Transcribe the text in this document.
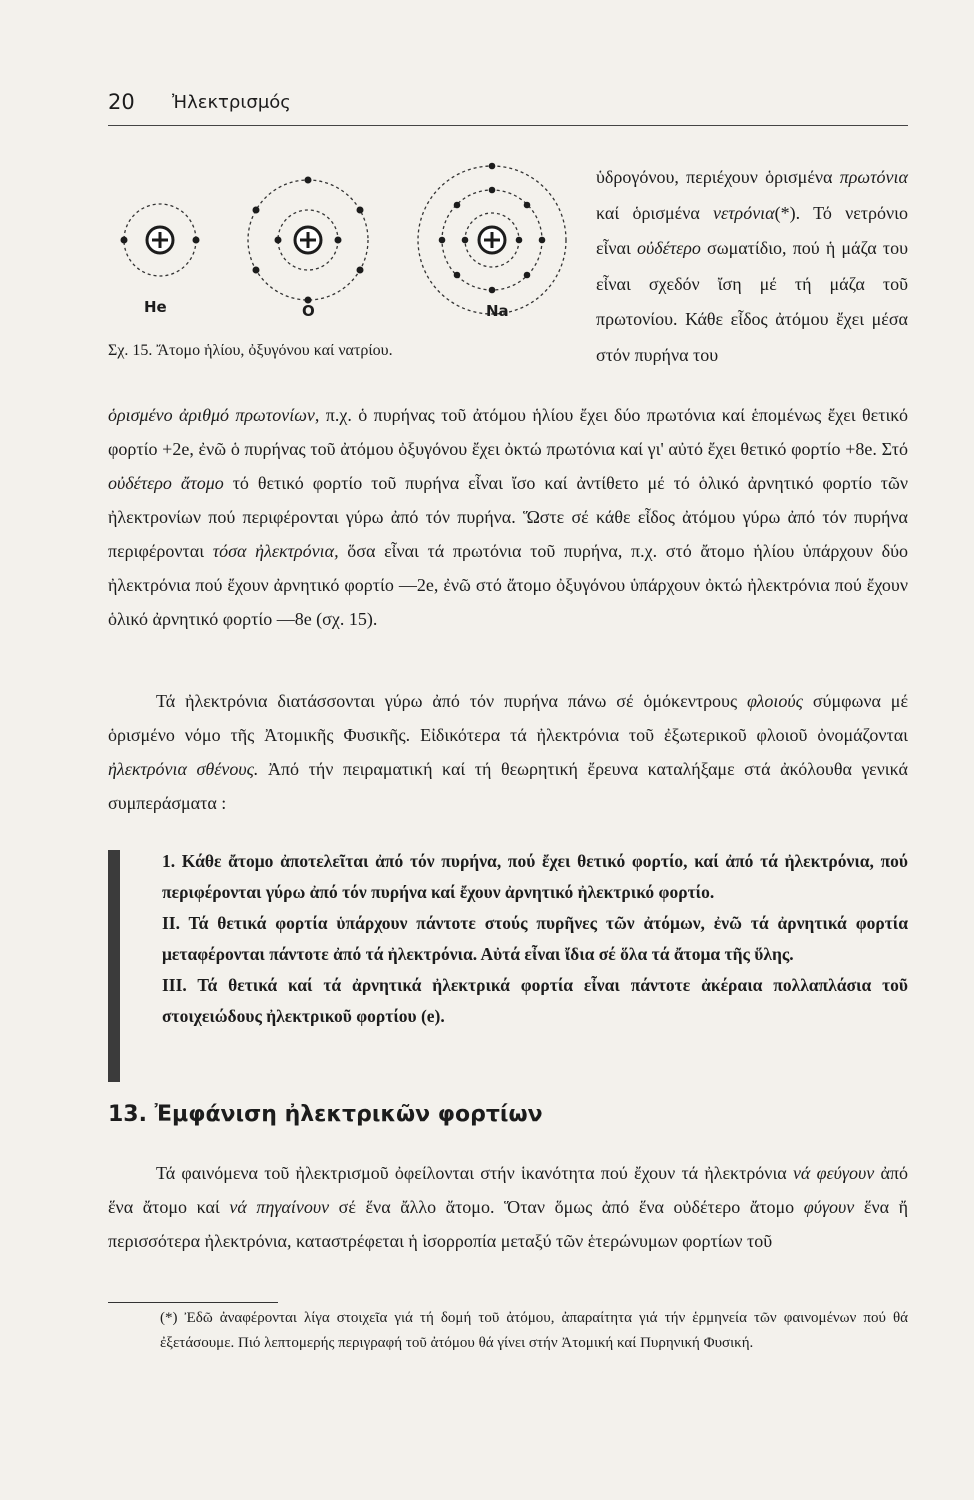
20 Ἠλεκτρισμός
He	O	Na
Σχ. 15. Ἄτομο ἡλίου, ὀξυγόνου καί νατρίου.
ὑδρογόνου, περιέχουν ὁρισμένα πρωτόνια καί ὁρισμένα νετρόνια(*). Τό νετρόνιο εἶναι οὐδέτερο σωματίδιο, πού ἡ μάζα του εἶναι σχεδόν ἴση μέ τή μάζα τοῦ πρωτονίου. Κάθε εἶδος ἀτόμου ἔχει μέσα στόν πυρήνα του
ὁρισμένο ἀριθμό πρωτονίων, π.χ. ὁ πυρήνας τοῦ ἀτόμου ἡλίου ἔχει δύο πρωτόνια καί ἑπομένως ἔχει θετικό φορτίο +2e, ἐνῶ ὁ πυρήνας τοῦ ἀτόμου ὀξυγόνου ἔχει ὀκτώ πρωτόνια καί γι' αὐτό ἔχει θετικό φορτίο +8e. Στό οὐδέτερο ἄτομο τό θετικό φορτίο τοῦ πυρήνα εἶναι ἴσο καί ἀντίθετο μέ τό ὁλικό ἀρνητικό φορτίο τῶν ἠλεκτρονίων πού περιφέρονται γύρω ἀπό τόν πυρήνα. Ὥστε σέ κάθε εἶδος ἀτόμου γύρω ἀπό τόν πυρήνα περιφέρονται τόσα ἠλεκτρόνια, ὅσα εἶναι τά πρωτόνια τοῦ πυρήνα, π.χ. στό ἄτομο ἡλίου ὑπάρχουν δύο ἠλεκτρόνια πού ἔχουν ἀρνητικό φορτίο —2e, ἐνῶ στό ἄτομο ὀξυγόνου ὑπάρχουν ὀκτώ ἠλεκτρόνια πού ἔχουν ὁλικό ἀρνητικό φορτίο —8e (σχ. 15).
Τά ἠλεκτρόνια διατάσσονται γύρω ἀπό τόν πυρήνα πάνω σέ ὁμόκεντρους φλοιούς σύμφωνα μέ ὁρισμένο νόμο τῆς Ἀτομικῆς Φυσικῆς. Εἰδικότερα τά ἠλεκτρόνια τοῦ ἐξωτερικοῦ φλοιοῦ ὀνομάζονται ἠλεκτρόνια σθένους. Ἀπό τήν πειραματική καί τή θεωρητική ἔρευνα καταλήξαμε στά ἀκόλουθα γενικά συμπεράσματα :

1. Κάθε ἄτομο ἀποτελεῖται ἀπό τόν πυρήνα, πού ἔχει θετικό φορτίο, καί ἀπό τά ἠλεκτρόνια, πού περιφέρονται γύρω ἀπό τόν πυρήνα καί ἔχουν ἀρνητικό ἠλεκτρικό φορτίο.

ΙΙ. Τά θετικά φορτία ὑπάρχουν πάντοτε στούς πυρῆνες τῶν ἀτόμων, ἐνῶ τά ἀρνητικά φορτία μεταφέρονται πάντοτε ἀπό τά ἠλεκτρόνια. Αὐτά εἶναι ἴδια σέ ὅλα τά ἄτομα τῆς ὕλης.

ΙΙΙ. Τά θετικά καί τά ἀρνητικά ἠλεκτρικά φορτία εἶναι πάντοτε ἀκέραια πολλαπλάσια τοῦ στοιχειώδους ἠλεκτρικοῦ φορτίου (e).

13. Ἐμφάνιση ἠλεκτρικῶν φορτίων
Τά φαινόμενα τοῦ ἠλεκτρισμοῦ ὀφείλονται στήν ἱκανότητα πού ἔχουν τά ἠλεκτρόνια νά φεύγουν ἀπό ἕνα ἄτομο καί νά πηγαίνουν σέ ἕνα ἄλλο ἄτομο. Ὅταν ὅμως ἀπό ἕνα οὐδέτερο ἄτομο φύγουν ἕνα ἤ περισσότερα ἠλεκτρόνια, καταστρέφεται ἡ ἰσορροπία μεταξύ τῶν ἑτερώνυμων φορτίων τοῦ
(*) Ἐδῶ ἀναφέρονται λίγα στοιχεῖα γιά τή δομή τοῦ ἀτόμου, ἀπαραίτητα γιά τήν ἑρμηνεία τῶν φαινομένων πού θά ἐξετάσουμε. Πιό λεπτομερής περιγραφή τοῦ ἀτόμου θά γίνει στήν Ἀτομική καί Πυρηνική Φυσική.
